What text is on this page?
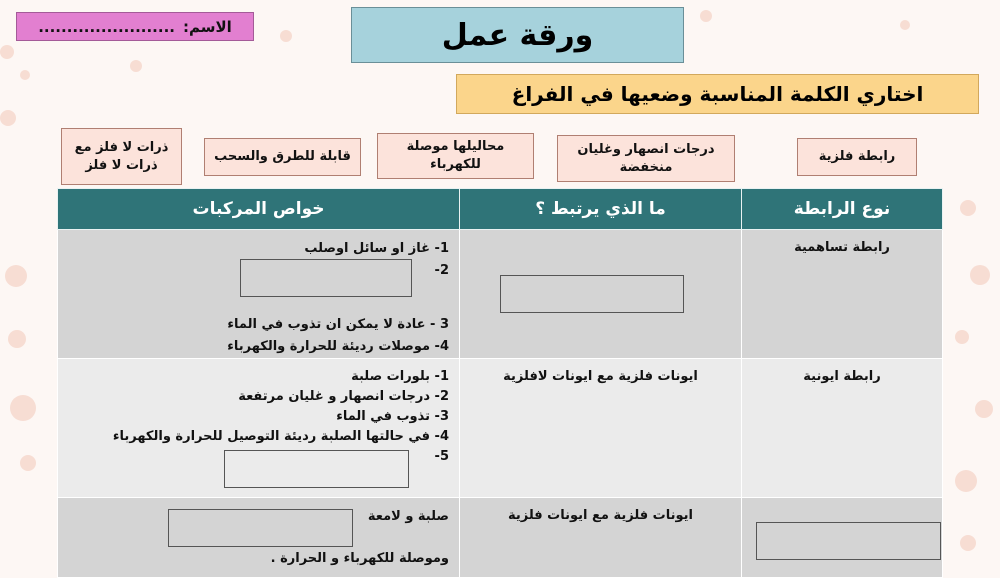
الاسم:
........................	ورقة عمل
اختاري الكلمة المناسبة وضعيها في الفراغ
رابطة فلزية
درجات انصهار وغليان منخفضة
محاليلها موصلة للكهرباء
قابلة للطرق والسحب
ذرات لا فلز مع ذرات لا فلز
نوع الرابطة	ما الذي يرتبط ؟	خواص المركبات

رابطة تساهمية		1- غاز او سائل اوصلب
2-
3 - عادة لا يمكن ان تذوب في الماء
4- موصلات رديئة للحرارة والكهرباء

رابطة ايونية	ايونات فلزية مع ايونات لافلزية	1- بلورات صلبة
2- درجات انصهار و غليان مرتفعة
3- تذوب في الماء
4- في حالتها الصلبة رديئة التوصيل للحرارة والكهرباء
5-

	ايونات فلزية مع ايونات فلزية	صلبة و لامعة
وموصلة للكهرباء و الحرارة .
